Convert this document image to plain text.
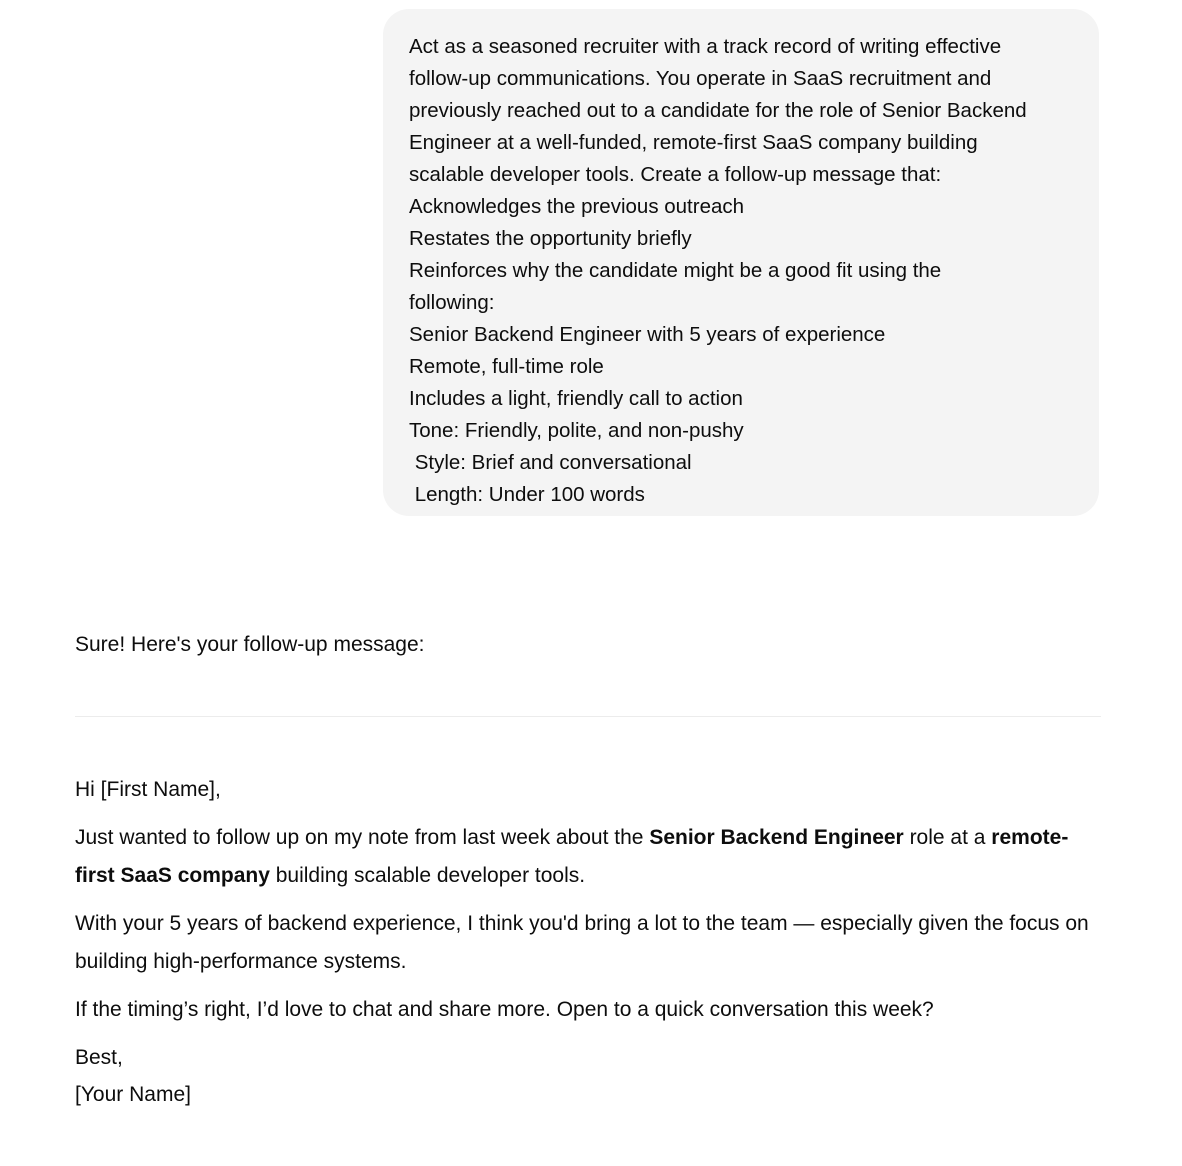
Act as a seasoned recruiter with a track record of writing effective
follow-up communications. You operate in SaaS recruitment and
previously reached out to a candidate for the role of Senior Backend
Engineer at a well-funded, remote-first SaaS company building
scalable developer tools. Create a follow-up message that:
Acknowledges the previous outreach
Restates the opportunity briefly
Reinforces why the candidate might be a good fit using the
following:
Senior Backend Engineer with 5 years of experience
Remote, full-time role
Includes a light, friendly call to action
Tone: Friendly, polite, and non-pushy
Style: Brief and conversational
Length: Under 100 words

Sure! Here's your follow-up message:

Hi [First Name],

Just wanted to follow up on my note from last week about the Senior Backend Engineer role at a remote-first SaaS company building scalable developer tools.

With your 5 years of backend experience, I think you'd bring a lot to the team — especially given the focus on building high-performance systems.

If the timing’s right, I’d love to chat and share more. Open to a quick conversation this week?

Best,

[Your Name]
